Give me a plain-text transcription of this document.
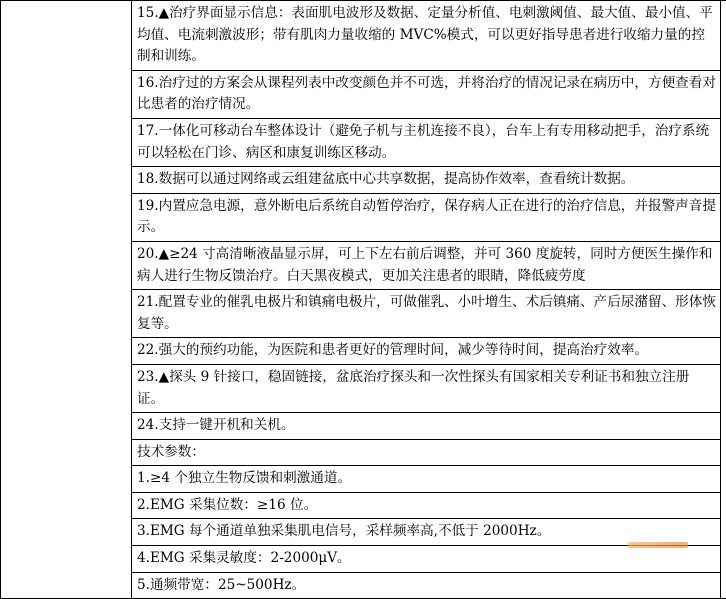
	15.▲治疗界面显示信息：表面肌电波形及数据、定量分析值、电刺激阈值、最大值、最小值、平均值、电流刺激波形；带有肌肉力量收缩的 MVC%模式，可以更好指导患者进行收缩力量的控制和训练。	
16.治疗过的方案会从课程列表中改变颜色并不可选，并将治疗的情况记录在病历中，方便查看对比患者的治疗情况。
17.一体化可移动台车整体设计（避免子机与主机连接不良），台车上有专用移动把手，治疗系统可以轻松在门诊、病区和康复训练区移动。
18.数据可以通过网络或云组建盆底中心共享数据，提高协作效率，查看统计数据。
19.内置应急电源，意外断电后系统自动暂停治疗，保存病人正在进行的治疗信息，并报警声音提示。
20.▲≥24 寸高清晰液晶显示屏，可上下左右前后调整，并可 360 度旋转，同时方便医生操作和病人进行生物反馈治疗。白天黑夜模式，更加关注患者的眼睛，降低疲劳度
21.配置专业的催乳电极片和镇痛电极片，可做催乳、小叶增生、术后镇痛、产后尿潴留、形体恢复等。
22.强大的预约功能，为医院和患者更好的管理时间，减少等待时间，提高治疗效率。
23.▲探头 9 针接口，稳固链接，盆底治疗探头和一次性探头有国家相关专利证书和独立注册证。
24.支持一键开机和关机。
技术参数：
1.≥4 个独立生物反馈和刺激通道。
2.EMG 采集位数：≥16 位。
3.EMG 每个通道单独采集肌电信号，采样频率高,不低于 2000Hz。
4.EMG 采集灵敏度：2-2000μV。
5.通频带宽：25~500Hz。
